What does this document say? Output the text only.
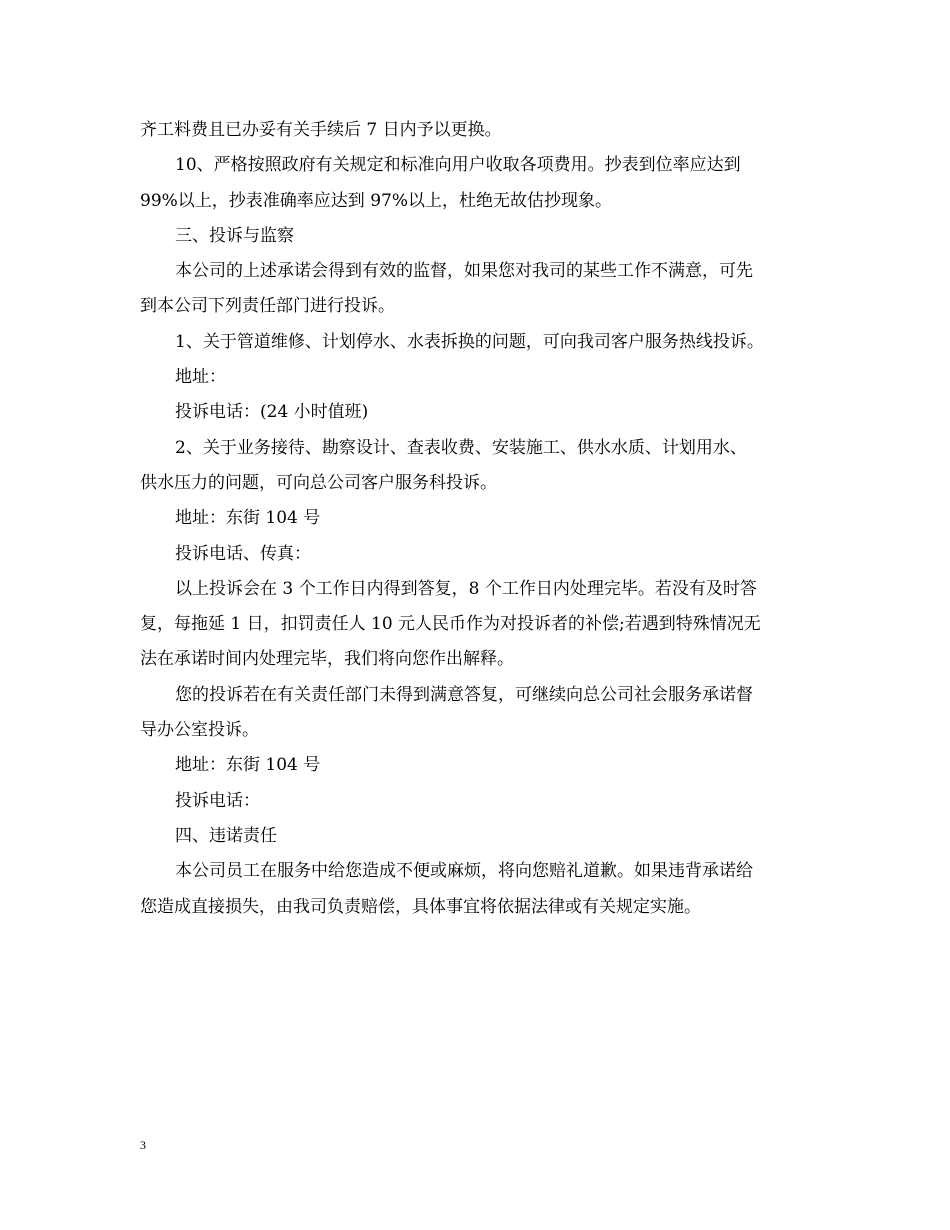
齐工料费且已办妥有关手续后 7 日内予以更换。

10、严格按照政府有关规定和标准向用户收取各项费用。抄表到位率应达到

99%以上，抄表准确率应达到 97%以上，杜绝无故估抄现象。

三、投诉与监察

本公司的上述承诺会得到有效的监督，如果您对我司的某些工作不满意，可先

到本公司下列责任部门进行投诉。

1、关于管道维修、计划停水、水表拆换的问题，可向我司客户服务热线投诉。

地址：

投诉电话：(24 小时值班)

2、关于业务接待、勘察设计、查表收费、安装施工、供水水质、计划用水、

供水压力的问题，可向总公司客户服务科投诉。

地址：东街 104 号

投诉电话、传真：

以上投诉会在 3 个工作日内得到答复，8 个工作日内处理完毕。若没有及时答

复，每拖延 1 日，扣罚责任人 10 元人民币作为对投诉者的补偿;若遇到特殊情况无

法在承诺时间内处理完毕，我们将向您作出解释。

您的投诉若在有关责任部门未得到满意答复，可继续向总公司社会服务承诺督

导办公室投诉。

地址：东街 104 号

投诉电话：

四、违诺责任

本公司员工在服务中给您造成不便或麻烦，将向您赔礼道歉。如果违背承诺给

您造成直接损失，由我司负责赔偿，具体事宜将依据法律或有关规定实施。

3
